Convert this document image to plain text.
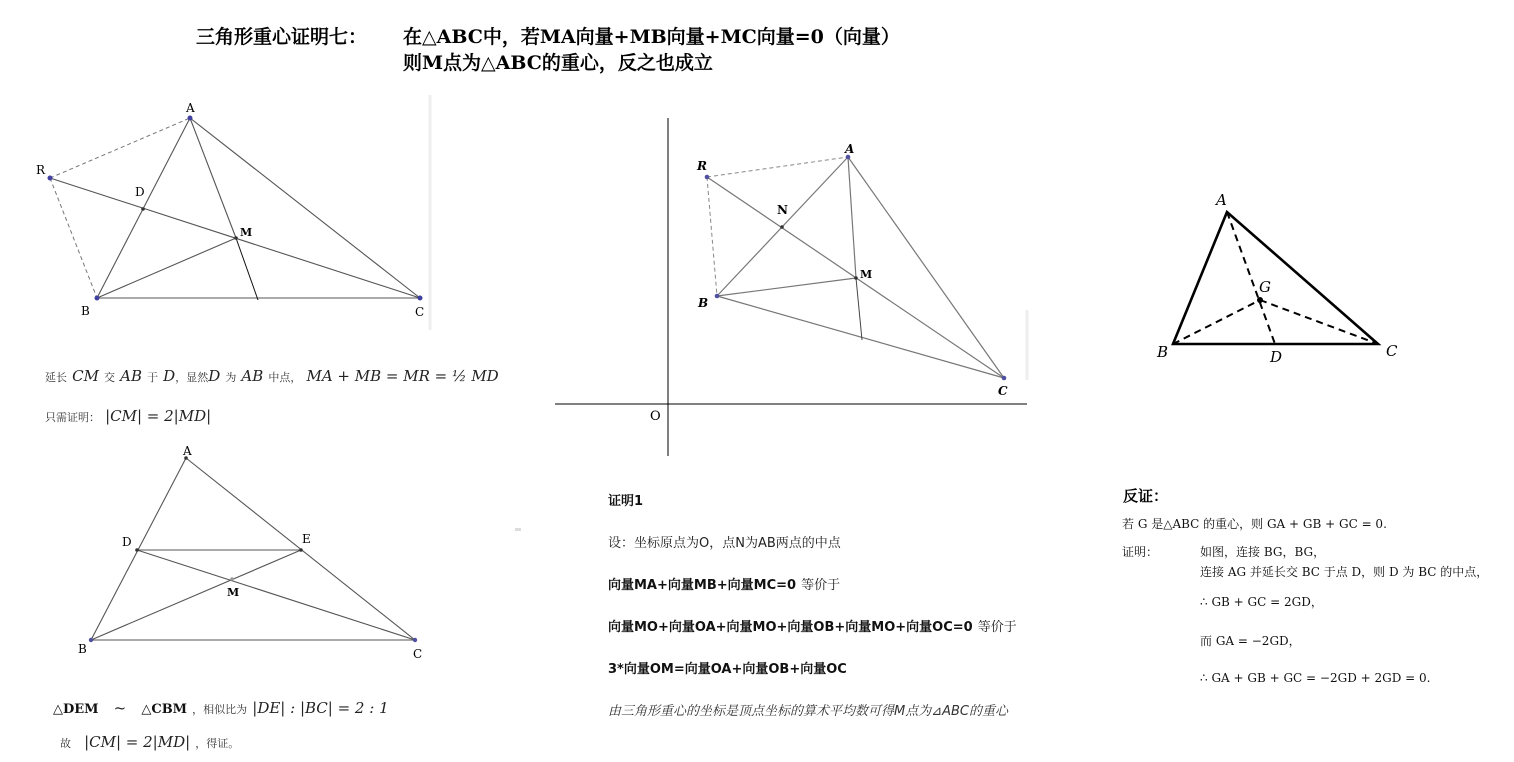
三角形重心证明七： 在△ABC中，若MA向量+MB向量+MC向量=0（向量）
则M点为△ABC的重心，反之也成立
A
B	C
D
M
R
延长 CM 交 AB 于 D，显然D 为 AB 中点， MA + MB = MR = ½ MD
只需证明： |CM| = 2|MD|
A
D	E
M
B	C
△DEM ~ △CBM ，相似比为 |DE| : |BC| = 2 : 1
故 |CM| = 2|MD| ，得证。
A
B
C
R
N
M
O
证明1
设：坐标原点为O，点N为AB两点的中点
向量MA+向量MB+向量MC=0 等价于
向量MO+向量OA+向量MO+向量OB+向量MO+向量OC=0 等价于
3*向量OM=向量OA+向量OB+向量OC
由三角形重心的坐标是顶点坐标的算术平均数可得M点为⊿ABC的重心
A
B	C
D
G
反证：
若 G 是△ABC 的重心，则 GA + GB + GC = 0.
证明：	如图，连接 BG，BG，
连接 AG 并延长交 BC 于点 D，则 D 为 BC 的中点，
∴ GB + GC = 2GD，
而 GA = −2GD，
∴ GA + GB + GC = −2GD + 2GD = 0.
